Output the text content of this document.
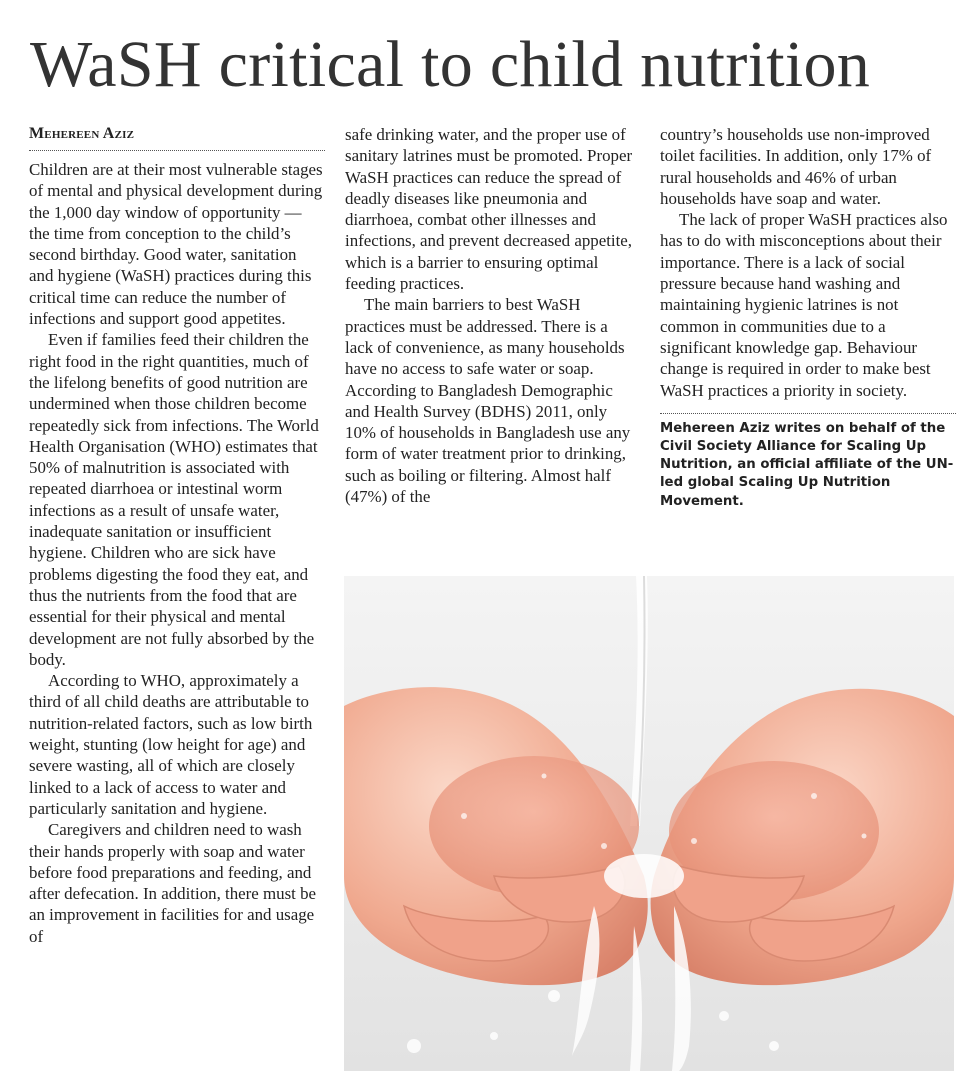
WaSH critical to child nutrition
Mehereen Aziz

Children are at their most vulnerable stages of mental and physical development during the 1,000 day window of opportunity — the time from conception to the child’s second birthday. Good water, sanitation and hygiene (WaSH) practices during this critical time can reduce the number of infections and support good appetites.

Even if families feed their children the right food in the right quantities, much of the lifelong benefits of good nutrition are undermined when those children become repeatedly sick from infections. The World Health Organisation (WHO) estimates that 50% of malnutrition is associated with repeated diarrhoea or intestinal worm infections as a result of unsafe water, inadequate sanitation or insufficient hygiene. Children who are sick have problems digesting the food they eat, and thus the nutrients from the food that are essential for their physical and mental development are not fully absorbed by the body.

According to WHO, approximately a third of all child deaths are attributable to nutrition-related factors, such as low birth weight, stunting (low height for age) and severe wasting, all of which are closely linked to a lack of access to water and particularly sanitation and hygiene.

Caregivers and children need to wash their hands properly with soap and water before food preparations and feeding, and after defecation. In addition, there must be an improvement in facilities for and usage of

safe drinking water, and the proper use of sanitary latrines must be promoted. Proper WaSH practices can reduce the spread of deadly diseases like pneumonia and diarrhoea, combat other illnesses and infections, and prevent decreased appetite, which is a barrier to ensuring optimal feeding practices.

The main barriers to best WaSH practices must be addressed. There is a lack of convenience, as many households have no access to safe water or soap. According to Bangladesh Demographic and Health Survey (BDHS) 2011, only 10% of households in Bangladesh use any form of water treatment prior to drinking, such as boiling or filtering. Almost half (47%) of the

country’s households use non-improved toilet facilities. In addition, only 17% of rural households and 46% of urban households have soap and water.

The lack of proper WaSH practices also has to do with misconceptions about their importance. There is a lack of social pressure because hand washing and maintaining hygienic latrines is not common in communities due to a significant knowledge gap. Behaviour change is required in order to make best WaSH practices a priority in society.

Mehereen Aziz writes on behalf of the Civil Society Alliance for Scaling Up Nutrition, an official affiliate of the UN-led global Scaling Up Nutrition Movement.
